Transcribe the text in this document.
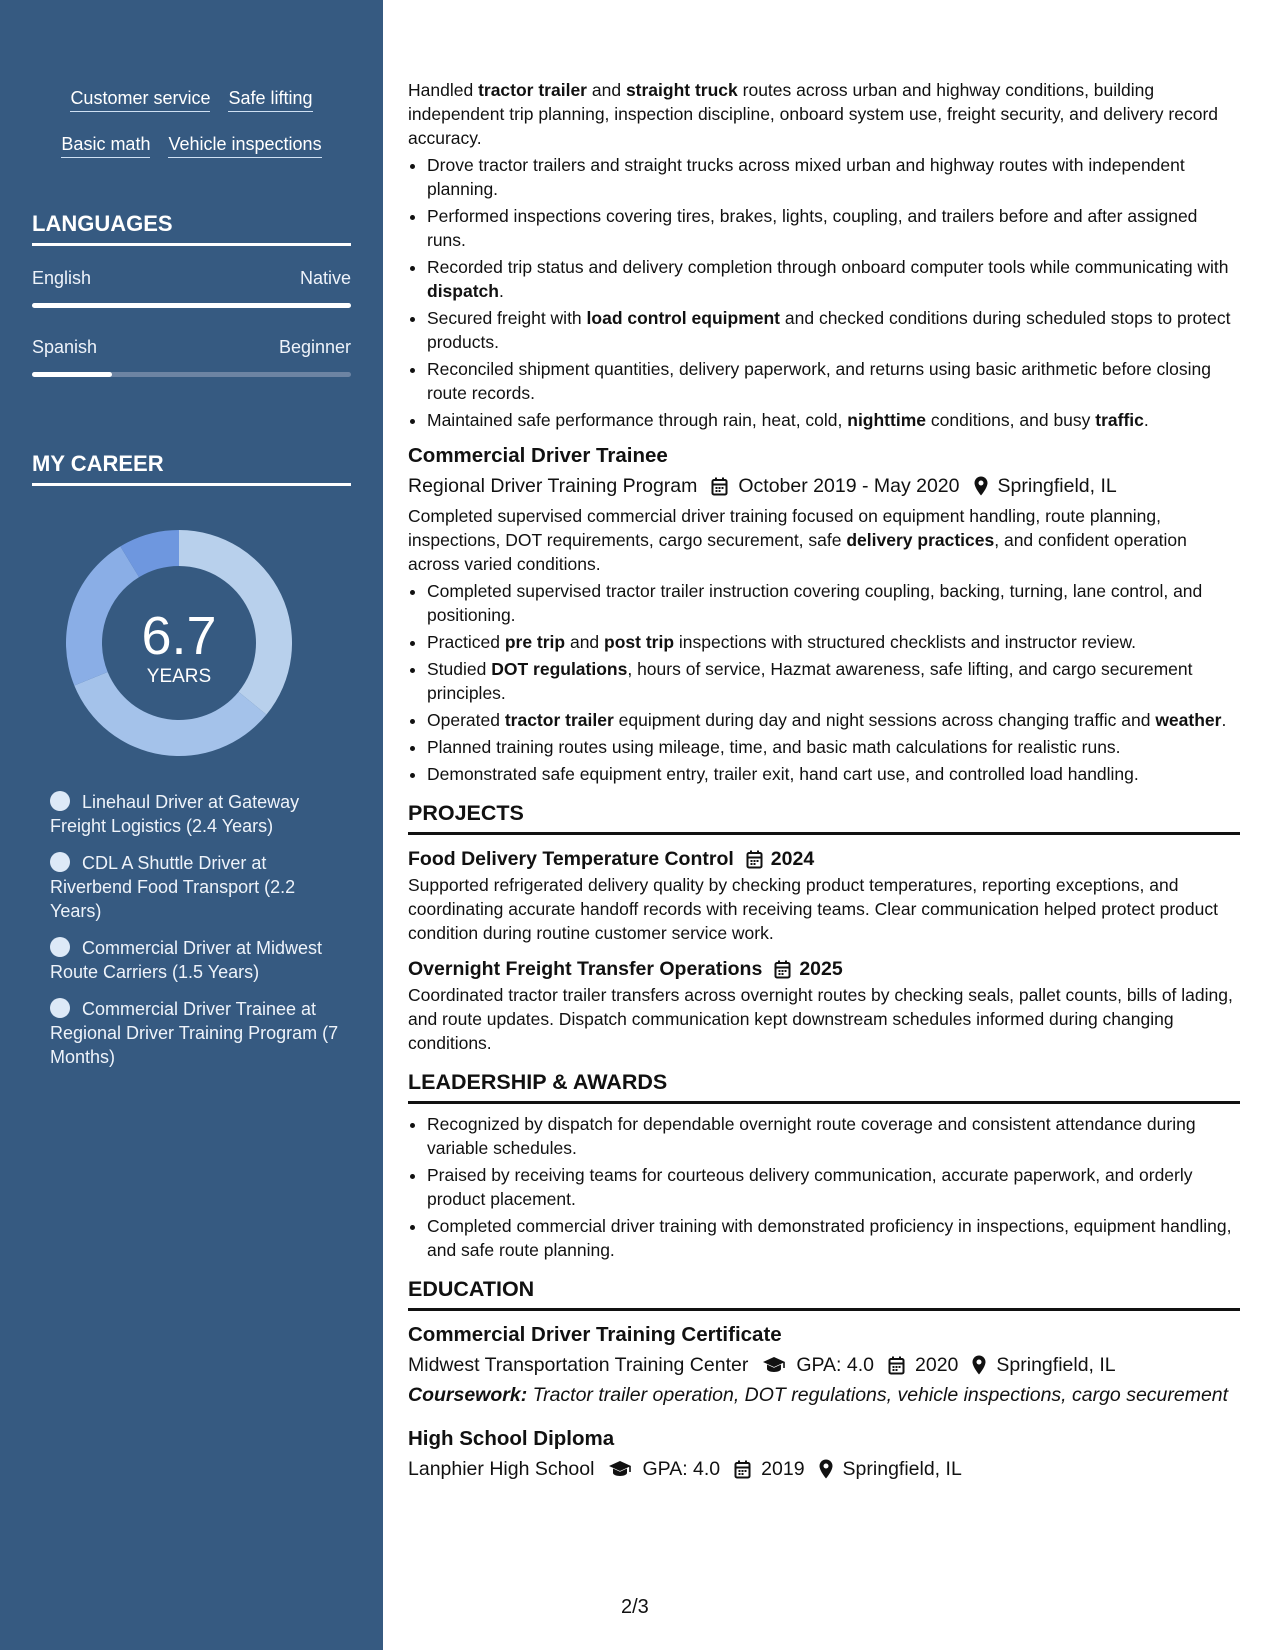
Customer service Safe lifting
Basic math Vehicle inspections
LANGUAGES
English	Native
Spanish	Beginner
MY CAREER
6.7
YEARS
Linehaul Driver at Gateway Freight Logistics (2.4 Years)
CDL A Shuttle Driver at Riverbend Food Transport (2.2 Years)
Commercial Driver at Midwest Route Carriers (1.5 Years)
Commercial Driver Trainee at Regional Driver Training Program (7 Months)

Handled tractor trailer and straight truck routes across urban and highway conditions, building independent trip planning, inspection discipline, onboard system use, freight security, and delivery record accuracy.

• Drove tractor trailers and straight trucks across mixed urban and highway routes with independent planning.
• Performed inspections covering tires, brakes, lights, coupling, and trailers before and after assigned runs.
• Recorded trip status and delivery completion through onboard computer tools while communicating with dispatch.
• Secured freight with load control equipment and checked conditions during scheduled stops to protect products.
• Reconciled shipment quantities, delivery paperwork, and returns using basic arithmetic before closing route records.
• Maintained safe performance through rain, heat, cold, nighttime conditions, and busy traffic.
Commercial Driver Trainee
Regional Driver Training Program October 2019 - May 2020 Springfield, IL

Completed supervised commercial driver training focused on equipment handling, route planning, inspections, DOT requirements, cargo securement, safe delivery practices, and confident operation across varied conditions.

• Completed supervised tractor trailer instruction covering coupling, backing, turning, lane control, and positioning.
• Practiced pre trip and post trip inspections with structured checklists and instructor review.
• Studied DOT regulations, hours of service, Hazmat awareness, safe lifting, and cargo securement principles.
• Operated tractor trailer equipment during day and night sessions across changing traffic and weather.
• Planned training routes using mileage, time, and basic math calculations for realistic runs.
• Demonstrated safe equipment entry, trailer exit, hand cart use, and controlled load handling.
PROJECTS
Food Delivery Temperature Control 2024

Supported refrigerated delivery quality by checking product temperatures, reporting exceptions, and coordinating accurate handoff records with receiving teams. Clear communication helped protect product condition during routine customer service work.

Overnight Freight Transfer Operations 2025

Coordinated tractor trailer transfers across overnight routes by checking seals, pallet counts, bills of lading, and route updates. Dispatch communication kept downstream schedules informed during changing conditions.

LEADERSHIP & AWARDS
• Recognized by dispatch for dependable overnight route coverage and consistent attendance during variable schedules.
• Praised by receiving teams for courteous delivery communication, accurate paperwork, and orderly product placement.
• Completed commercial driver training with demonstrated proficiency in inspections, equipment handling, and safe route planning.
EDUCATION
Commercial Driver Training Certificate
Midwest Transportation Training Center GPA: 4.0 2020 Springfield, IL
Coursework: Tractor trailer operation, DOT regulations, vehicle inspections, cargo securement
High School Diploma
Lanphier High School GPA: 4.0 2019 Springfield, IL
2/3
